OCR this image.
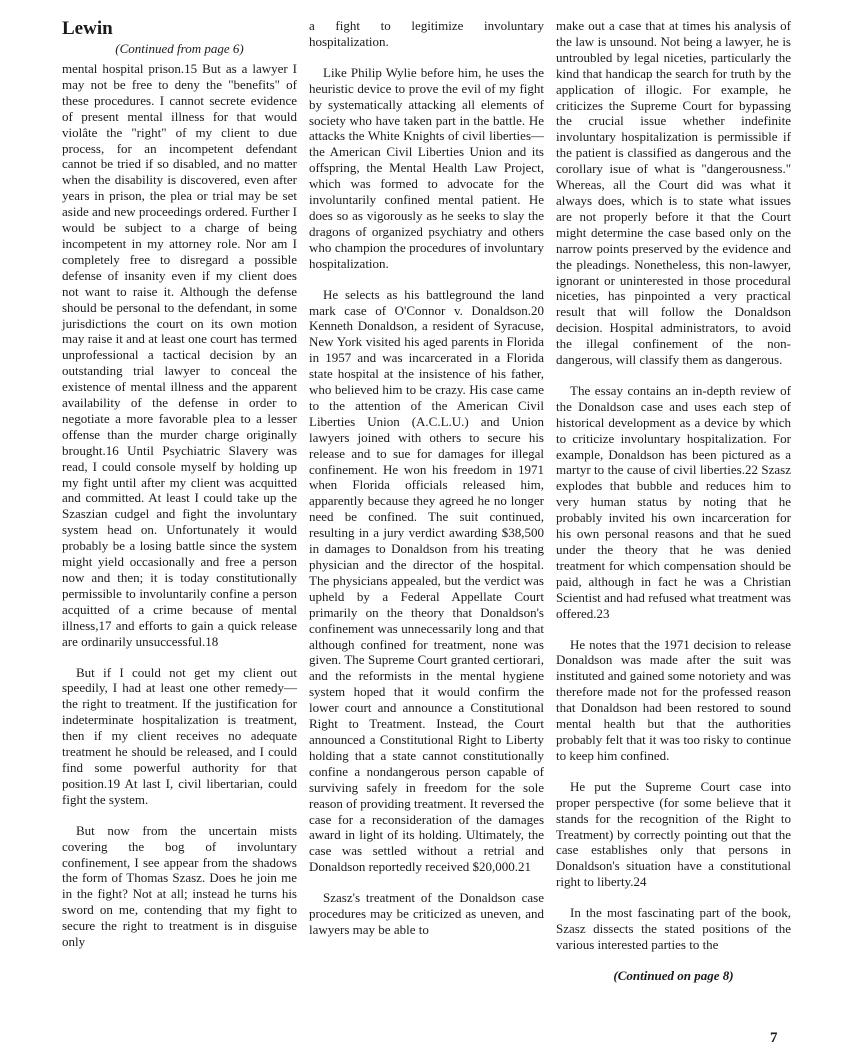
Lewin
(Continued from page 6)

mental hospital prison.15 But as a lawyer I may not be free to deny the "benefits" of these procedures. I cannot secrete evidence of present mental illness for that would violâte the "right" of my client to due process, for an incompetent defendant cannot be tried if so disabled, and no matter when the disability is discovered, even after years in prison, the plea or trial may be set aside and new proceedings ordered. Further I would be subject to a charge of being incompetent in my attorney role. Nor am I completely free to disregard a possible defense of insanity even if my client does not want to raise it. Although the defense should be personal to the defendant, in some jurisdictions the court on its own motion may raise it and at least one court has termed unprofessional a tactical decision by an outstanding trial lawyer to conceal the existence of mental illness and the apparent availability of the defense in order to negotiate a more favorable plea to a lesser offense than the murder charge originally brought.16 Until Psychiatric Slavery was read, I could console myself by holding up my fight until after my client was acquitted and committed. At least I could take up the Szaszian cudgel and fight the involuntary system head on. Unfortunately it would probably be a losing battle since the system might yield occasionally and free a person now and then; it is today constitutionally permissible to involuntarily confine a person acquitted of a crime because of mental illness,17 and efforts to gain a quick release are ordinarily unsuccessful.18

But if I could not get my client out speedily, I had at least one other remedy—the right to treatment. If the justification for indeterminate hospitalization is treatment, then if my client receives no adequate treatment he should be released, and I could find some powerful authority for that position.19 At last I, civil libertarian, could fight the system.

But now from the uncertain mists covering the bog of involuntary confinement, I see appear from the shadows the form of Thomas Szasz. Does he join me in the fight? Not at all; instead he turns his sword on me, contending that my fight to secure the right to treatment is in disguise only

a fight to legitimize involuntary hospitalization.

Like Philip Wylie before him, he uses the heuristic device to prove the evil of my fight by systematically attacking all elements of society who have taken part in the battle. He attacks the White Knights of civil liberties—the American Civil Liberties Union and its offspring, the Mental Health Law Project, which was formed to advocate for the involuntarily confined mental patient. He does so as vigorously as he seeks to slay the dragons of organized psychiatry and others who champion the procedures of involuntary hospitalization.

He selects as his battleground the land mark case of O'Connor v. Donaldson.20 Kenneth Donaldson, a resident of Syracuse, New York visited his aged parents in Florida in 1957 and was incarcerated in a Florida state hospital at the insistence of his father, who believed him to be crazy. His case came to the attention of the American Civil Liberties Union (A.C.L.U.) and Union lawyers joined with others to secure his release and to sue for damages for illegal confinement. He won his freedom in 1971 when Florida officials released him, apparently because they agreed he no longer need be confined. The suit continued, resulting in a jury verdict awarding $38,500 in damages to Donaldson from his treating physician and the director of the hospital. The physicians appealed, but the verdict was upheld by a Federal Appellate Court primarily on the theory that Donaldson's confinement was unnecessarily long and that although confined for treatment, none was given. The Supreme Court granted certiorari, and the reformists in the mental hygiene system hoped that it would confirm the lower court and announce a Constitutional Right to Treatment. Instead, the Court announced a Constitutional Right to Liberty holding that a state cannot constitutionally confine a nondangerous person capable of surviving safely in freedom for the sole reason of providing treatment. It reversed the case for a reconsideration of the damages award in light of its holding. Ultimately, the case was settled without a retrial and Donaldson reportedly received $20,000.21

Szasz's treatment of the Donaldson case procedures may be criticized as uneven, and lawyers may be able to

make out a case that at times his analysis of the law is unsound. Not being a lawyer, he is untroubled by legal niceties, particularly the kind that handicap the search for truth by the application of illogic. For example, he criticizes the Supreme Court for bypassing the crucial issue whether indefinite involuntary hospitalization is permissible if the patient is classified as dangerous and the corollary isue of what is "dangerousness." Whereas, all the Court did was what it always does, which is to state what issues are not properly before it that the Court might determine the case based only on the narrow points preserved by the evidence and the pleadings. Nonetheless, this non-lawyer, ignorant or uninterested in those procedural niceties, has pinpointed a very practical result that will follow the Donaldson decision. Hospital administrators, to avoid the illegal confinement of the non-dangerous, will classify them as dangerous.

The essay contains an in-depth review of the Donaldson case and uses each step of historical development as a device by which to criticize involuntary hospitalization. For example, Donaldson has been pictured as a martyr to the cause of civil liberties.22 Szasz explodes that bubble and reduces him to very human status by noting that he probably invited his own incarceration for his own personal reasons and that he sued under the theory that he was denied treatment for which compensation should be paid, although in fact he was a Christian Scientist and had refused what treatment was offered.23

He notes that the 1971 decision to release Donaldson was made after the suit was instituted and gained some notoriety and was therefore made not for the professed reason that Donaldson had been restored to sound mental health but that the authorities probably felt that it was too risky to continue to keep him confined.

He put the Supreme Court case into proper perspective (for some believe that it stands for the recognition of the Right to Treatment) by correctly pointing out that the case establishes only that persons in Donaldson's situation have a constitutional right to liberty.24

In the most fascinating part of the book, Szasz dissects the stated positions of the various interested parties to the

(Continued on page 8)
7
